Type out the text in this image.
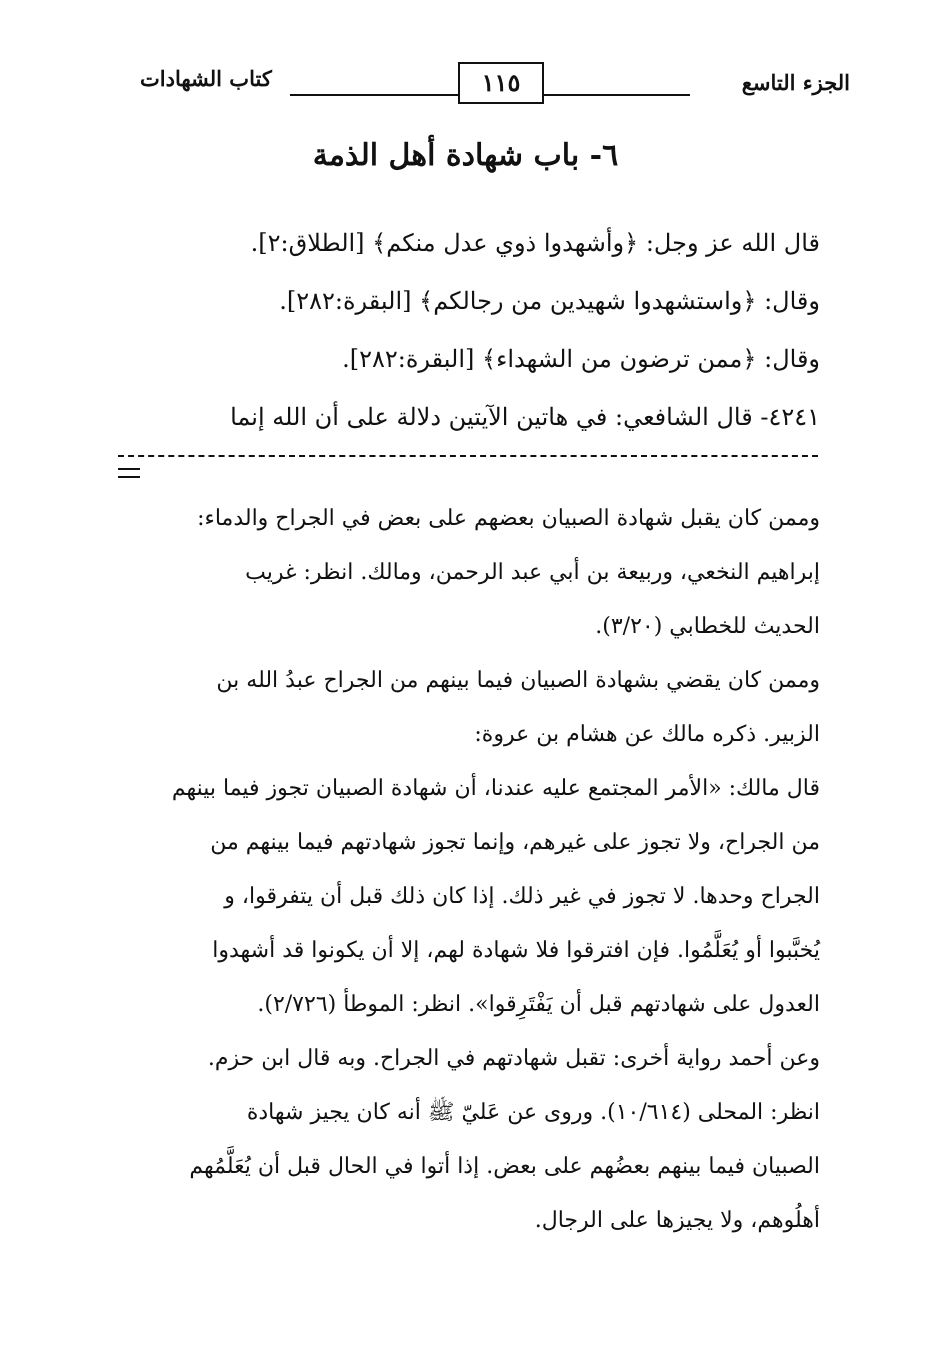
الجزء التاسع
١١٥
كتاب الشهادات
٦- باب شهادة أهل الذمة
قال الله عز وجل: ﴿وأشهدوا ذوي عدل منكم﴾ [الطلاق:٢].
وقال: ﴿واستشهدوا شهيدين من رجالكم﴾ [البقرة:٢٨٢].
وقال: ﴿ممن ترضون من الشهداء﴾ [البقرة:٢٨٢].
٤٢٤١- قال الشافعي: في هاتين الآيتين دلالة على أن الله إنما
وممن كان يقبل شهادة الصبيان بعضهم على بعض في الجراح والدماء:
إبراهيم النخعي، وربيعة بن أبي عبد الرحمن، ومالك. انظر: غريب
الحديث للخطابي (٣/٢٠).
وممن كان يقضي بشهادة الصبيان فيما بينهم من الجراح عبدُ الله بن
الزبير. ذكره مالك عن هشام بن عروة:
قال مالك: «الأمر المجتمع عليه عندنا، أن شهادة الصبيان تجوز فيما بينهم
من الجراح، ولا تجوز على غيرهم، وإنما تجوز شهادتهم فيما بينهم من
الجراح وحدها. لا تجوز في غير ذلك. إذا كان ذلك قبل أن يتفرقوا، و
يُخبَّبوا أو يُعَلَّمُوا. فإن افترقوا فلا شهادة لهم، إلا أن يكونوا قد أشهدوا
العدول على شهادتهم قبل أن يَفْتَرِقوا». انظر: الموطأ (٢/٧٢٦).
وعن أحمد رواية أخرى: تقبل شهادتهم في الجراح. وبه قال ابن حزم.
انظر: المحلى (١٠/٦١٤). وروى عن عَليّ ﷺ أنه كان يجيز شهادة
الصبيان فيما بينهم بعضُهم على بعض. إذا أتوا في الحال قبل أن يُعَلَّمُهم
أهلُوهم، ولا يجيزها على الرجال.
